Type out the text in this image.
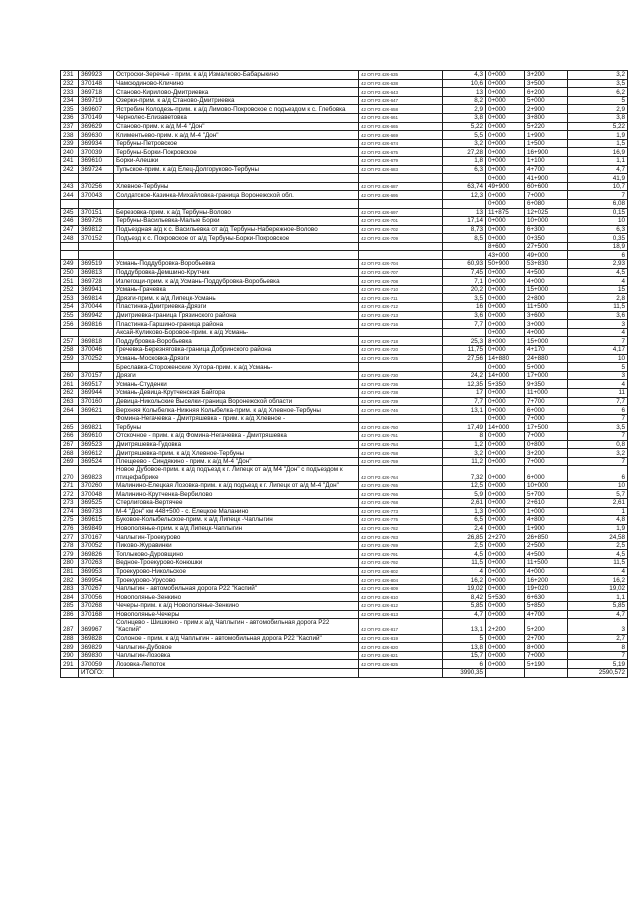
231	369923	Остроски-Зеречье - прим. к а/д Измалково-Бабарыкино	42 ОП РЗ 42К-635	4,3	0+000	3+200	3,2
232	370148	Чамсюдиново-Кличино	42 ОП РЗ 42К-638	10,6	0+000	3+500	3,5
233	369718	Станово-Кирилово-Дмитриевка	42 ОП РЗ 42К-643	13	0+000	6+200	6,2
234	369719	Озерки-прим. к а/д Станово-Дмитриевка	42 ОП РЗ 42К-647	8,2	0+000	5+000	5
235	369607	Ястребин Колодезь-прим. к а/д Лимово-Покровское с подъездом к с. Глебовка	42 ОП РЗ 42К-658	2,9	0+000	2+900	2,9
236	370149	Чернолес-Елизаветовка	42 ОП РЗ 42К-661	3,8	0+000	3+800	3,8
237	369629	Станово-прим. к а/д М-4 "Дон"	42 ОП РЗ 42К-665	5,22	0+000	5+220	5,22
238	369630	Климентьево-прим. к а/д М-4 "Дон"	42 ОП РЗ 42К-669	5,5	0+000	1+900	1,9
239	369934	Тербуны-Петровское	42 ОП РЗ 42К-674	3,2	0+000	1+500	1,5
240	370039	Тербуны-Борки-Покровское	42 ОП РЗ 42К-675	27,28	0+000	16+900	16,9
241	369610	Борки-Алешки	42 ОП РЗ 42К-679	1,8	0+000	1+100	1,1
242	369724	Тульское-прим. к а/д Елец-Долгоруково-Тербуны	42 ОП РЗ 42К-683	6,3	0+000	4+700	4,7
					0+000	41+900	41,9
243	370256	Хлевное-Тербуны	42 ОП РЗ 42К-687	63,74	49+900	60+600	10,7
244	370043	Солдатское-Казинка-Михайловка-граница Воронежской обл.	42 ОП РЗ 42К-695	12,3	0+000	7+000	7
					0+000	6+080	6,08
245	370151	Березовка-прим. к а/д Тербуны-Волово	42 ОП РЗ 42К-697	13	11+875	12+025	0,15
246	369726	Тербуны-Васильевка-Малые Борки	42 ОП РЗ 42К-701	17,14	0+000	10+000	10
247	369812	Подъездная а/д к с. Васильевка от а/д Тербуны-Набережное-Волово	42 ОП РЗ 42К-702	8,73	0+000	6+300	6,3
248	370152	Подъезд к с. Покровское от а/д Тербуны-Борки-Покровское	42 ОП РЗ 42К-709	8,5	0+000	0+350	0,35
					8+600	27+500	18,9
					43+000	49+000	6
249	369519	Усмань-Поддубровка-Воробьевка	42 ОП РЗ 42К-704	60,93	50+900	53+830	2,93
250	369813	Поддубровка-Демшино-Крутчик	42 ОП РЗ 42К-707	7,45	0+000	4+500	4,5
251	369728	Излегощи-прим. к а/д Усмань-Поддубровка-Воробьевка	42 ОП РЗ 42К-708	7,1	0+000	4+000	4
252	369941	Усмань-Грачевка	42 ОП РЗ 42К-710	20,2	0+000	15+000	15
253	369814	Дрязги-прим. к а/д Липецк-Усмань	42 ОП РЗ 42К-711	3,5	0+000	2+800	2,8
254	370044	Пластинка-Дмитриевка-Дрязги	42 ОП РЗ 42К-712	16	0+000	11+500	11,5
255	369942	Дмитриевка-граница Грязинского района	42 ОП РЗ 42К-713	3,6	0+000	3+600	3,6
256	369816	Пластинка-Гаршино-граница района	42 ОП РЗ 42К-716	7,7	0+000	3+000	3
		Аксай-Куликово-Боровое-прим. к а/д Усмань-			0+000	4+000	4
257	369818	Поддубровка-Воробьевка	42 ОП РЗ 42К-718	25,3	8+000	15+000	7
258	370046	Гречевка-Березняговка-граница Добринского района	42 ОП РЗ 42К-720	11,75	0+000	4+170	4,17
259	370252	Усмань-Московка-Дрязги	42 ОП РЗ 42К-725	27,56	14+880	24+880	10
		Бреславка-Стороженские Хутора-прим. к а/д Усмань-			0+000	5+000	5
260	370157	Дрязги	42 ОП РЗ 42К-730	24,2	14+000	17+000	3
261	369517	Усмань-Студенки	42 ОП РЗ 42К-736	12,35	5+350	9+350	4
262	369944	Усмань-Девица-Крутченская Байгора	42 ОП РЗ 42К-738	17	0+000	11+000	11
263	370160	Девица-Никольские Выселки-граница Воронежской области	42 ОП РЗ 42К-739	7,7	0+000	7+700	7,7
264	369621	Верхняя Колыбелка-Нижняя Колыбелка-прим. к а/д Хлевное-Тербуны	42 ОП РЗ 42К-746	13,1	0+000	6+000	6
		Фомина-Негачевка - Дмитряшевка - прим. к а/д Хлевное -			0+000	7+000	7
265	369821	Тербуны	42 ОП РЗ 42К-750	17,49	14+000	17+500	3,5
266	369610	Отскочное - прим. к а/д Фомина-Негачевка - Дмитряшевка	42 ОП РЗ 42К-751	8	0+000	7+000	7
267	369523	Дмитряшевка-Гудовка	42 ОП РЗ 42К-754	1,2	0+000	0+800	0,8
268	369612	Дмитряшевка-прим. к а/д Хлевное-Тербуны	42 ОП РЗ 42К-758	3,2	0+000	3+200	3,2
269	369524	Плещеево - Синдякино - прим. к а/д М-4 "Дон"	42 ОП РЗ 42К-759	11,2	0+000	7+000	7
270	369823	Новое Дубовое-прим. к а/д подъезд к г. Липецк от а/д М4 "Дон" с подъездом к птицефабрике	42 ОП РЗ 42К-764	7,32	0+000	6+000	6
271	370260	Малинино-Елецкая Лозовка-прим. к а/д подъезд к г. Липецк от а/д М-4 "Дон"	42 ОП РЗ 42К-765	12,5	0+000	10+000	10
272	370048	Малинино-Крутченка-Вербилово	42 ОП РЗ 42К-766	5,9	0+000	5+700	5,7
273	369525	Стерлиговка-Вертячее	42 ОП РЗ 42К-768	2,61	0+000	2+610	2,61
274	369733	М-4 "Дон" км 448+500 - с. Елецкое Маланино	42 ОП РЗ 42К-773	1,3	0+000	1+000	1
275	369615	Буковое-Колыбельское-прим. к а/д Липецк -Чаплыгин	42 ОП РЗ 42К-775	6,5	0+000	4+800	4,8
276	369849	Новополянье-прим. к а/д Липецк-Чаплыгин	42 ОП РЗ 42К-782	2,4	0+000	1+900	1,9
277	370167	Чаплыгин-Троекурово	42 ОП РЗ 42К-783	26,85	2+270	26+850	24,58
278	370052	Пиково-Журавинки	42 ОП РЗ 42К-789	2,5	0+000	2+500	2,5
279	369826	Топлыково-Дуровщино	42 ОП РЗ 42К-791	4,5	0+000	4+500	4,5
280	370263	Ведное-Троекурово-Конюшки	42 ОП РЗ 42К-792	11,5	0+000	11+500	11,5
281	369953	Троекурово-Никольское	42 ОП РЗ 42К-802	4	0+000	4+000	4
282	369954	Троекурово-Урусово	42 ОП РЗ 42К-804	16,2	0+000	16+200	16,2
283	370267	Чаплыгин - автомобильная дорога Р22 "Каспий"	42 ОП РЗ 42К-809	19,02	0+000	19+020	19,02
284	370056	Новополянье-Зенкино	42 ОП РЗ 42К-810	8,42	5+530	6+630	1,1
285	370268	Чечеры-прим. к а/д Новополянье-Зенкино	42 ОП РЗ 42К-812	5,85	0+000	5+850	5,85
286	370168	Новополянье-Чечеры	42 ОП РЗ 42К-813	4,7	0+000	4+700	4,7
287	369967	Солнцево - Шишкино - прим.к а/д Чаплыгин - автомобильная дорога Р22 "Каспий"	42 ОП РЗ 42К-817	13,1	2+200	5+200	3
288	369828	Солоное - прим. к а/д Чаплыгин - автомобильная дорога Р22 "Каспий"	42 ОП РЗ 42К-819	5	0+000	2+700	2,7
289	369829	Чаплыгин-Дубовое	42 ОП РЗ 42К-820	13,8	0+000	8+000	8
290	369830	Чаплыгин-Лозовка	42 ОП РЗ 42К-821	15,7	0+000	7+000	7
291	370059	Лозовка-Лепоток	42 ОП РЗ 42К-825	6	0+000	5+190	5,19
	ИТОГО:			3990,35			2590,572
